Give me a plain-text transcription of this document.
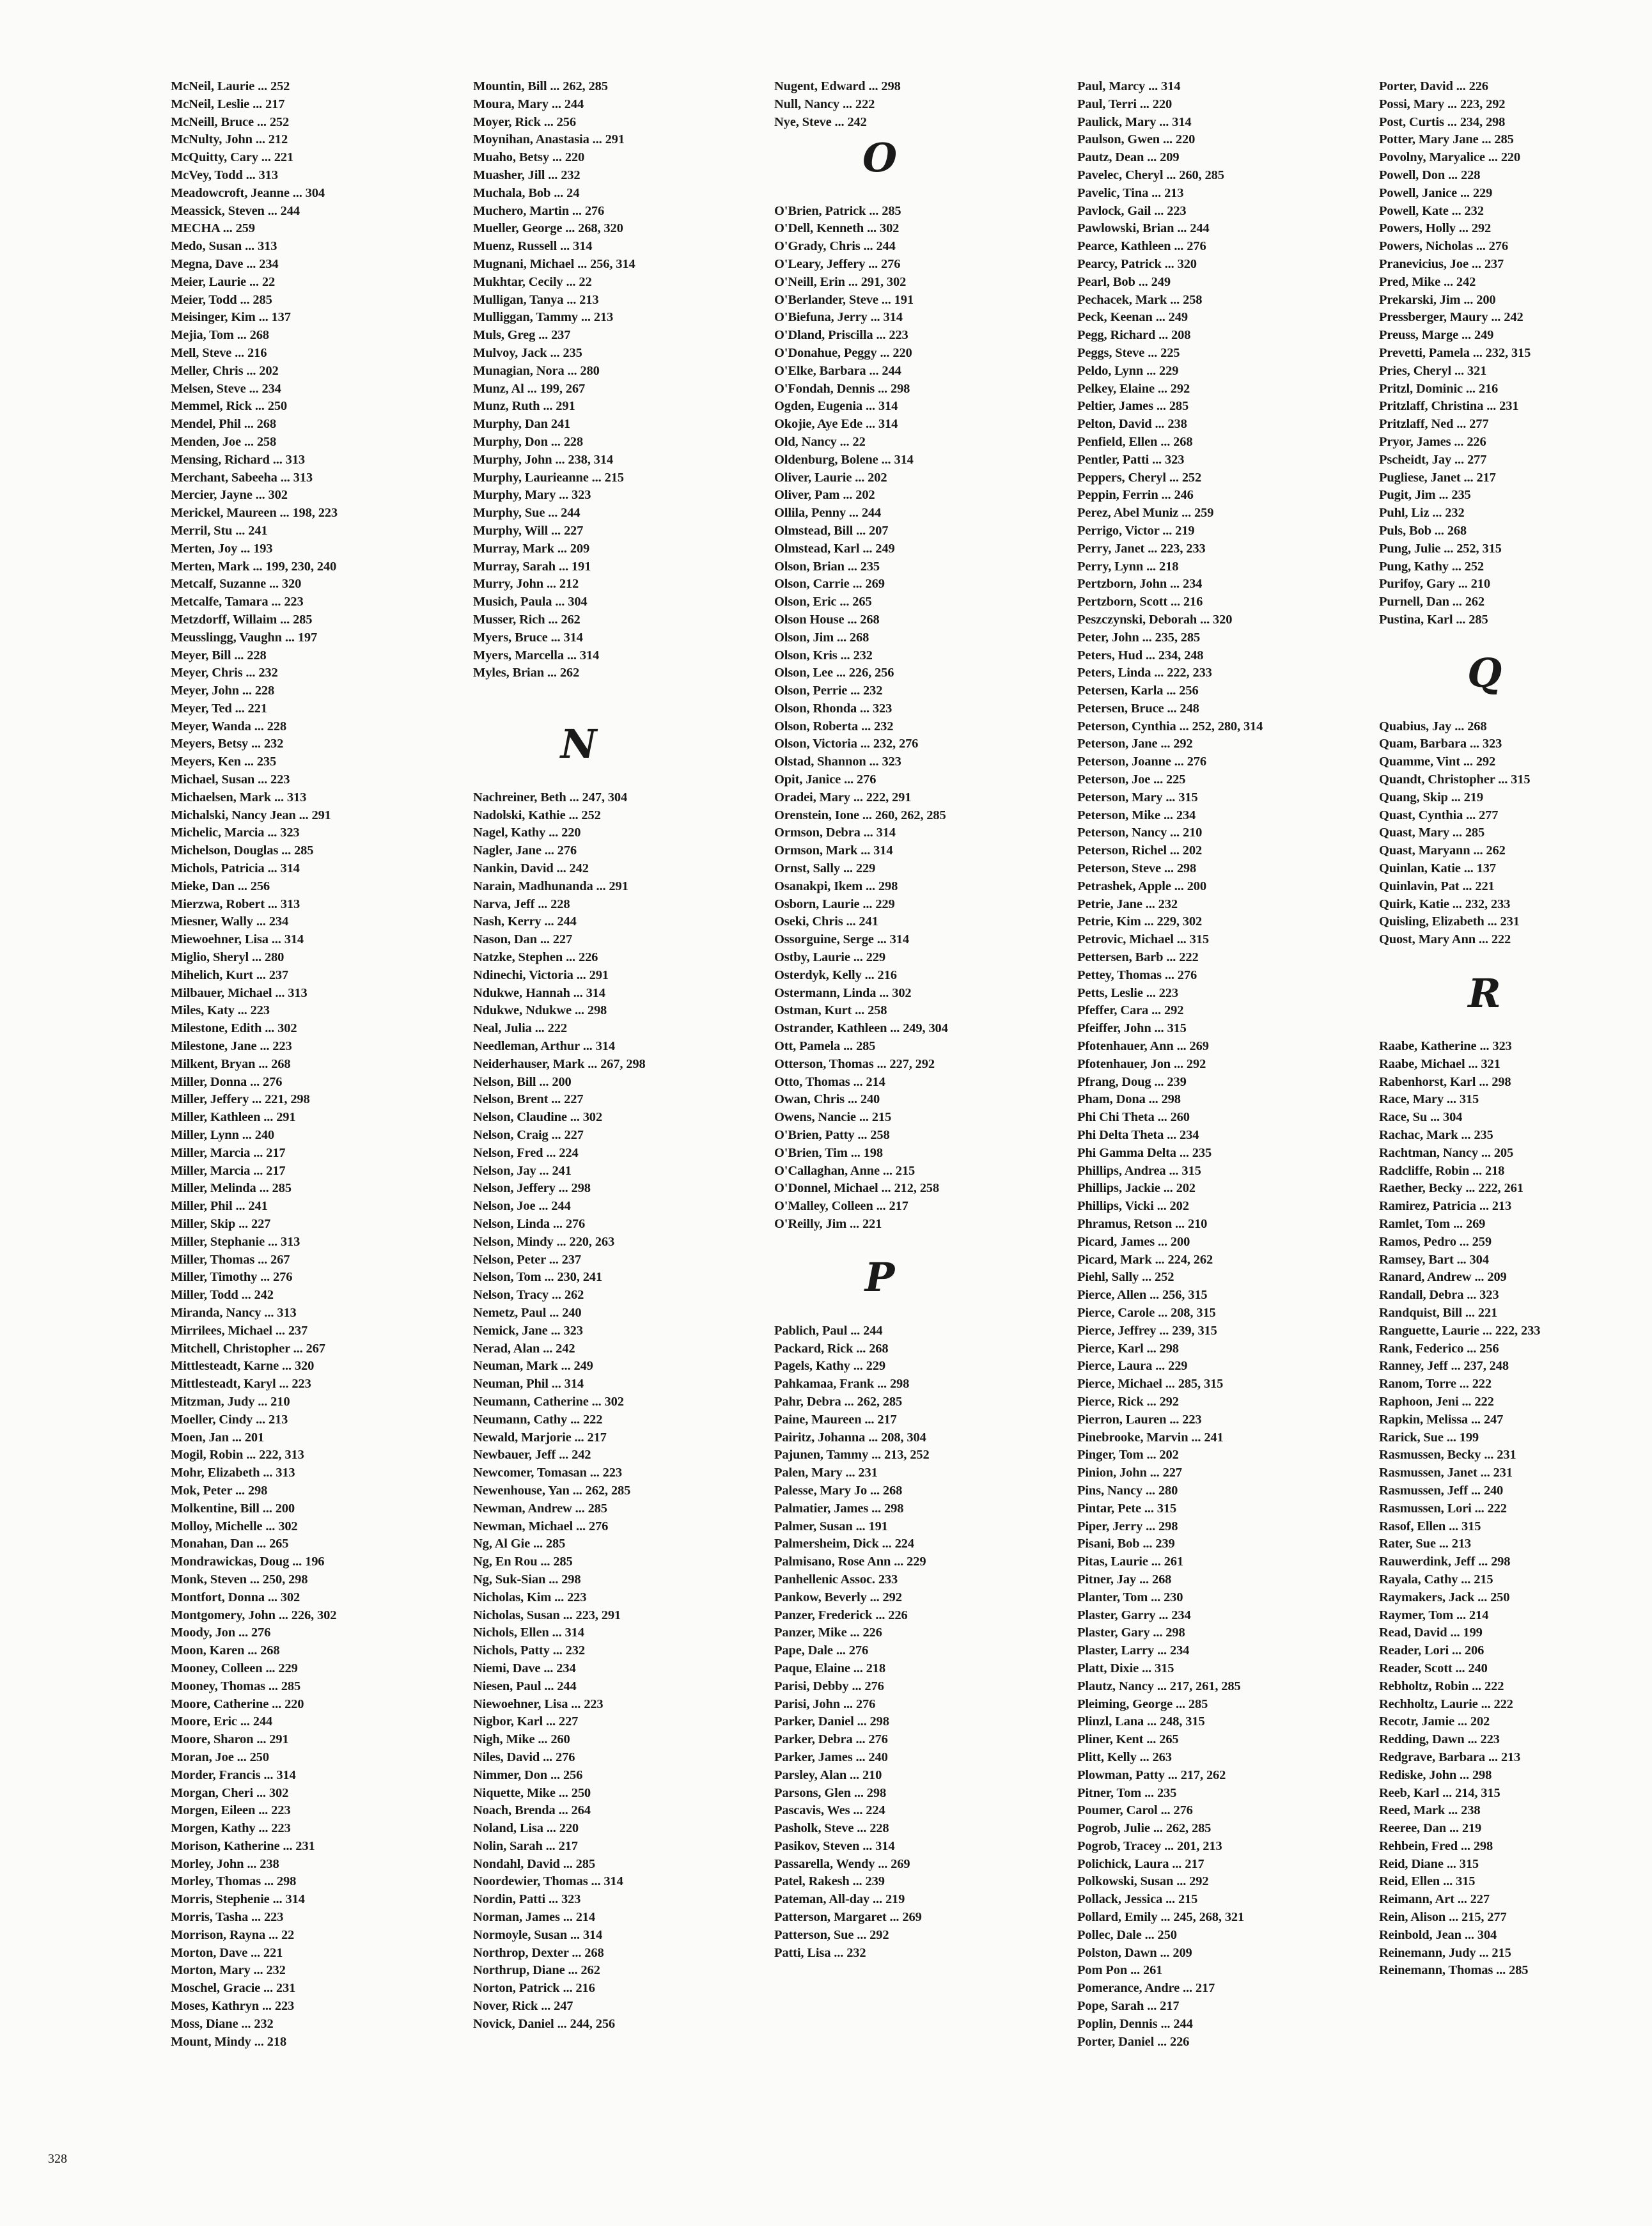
McNeil, Laurie ... 252
McNeil, Leslie ... 217
McNeill, Bruce ... 252
McNulty, John ... 212
McQuitty, Cary ... 221
McVey, Todd ... 313
Meadowcroft, Jeanne ... 304
Meassick, Steven ... 244
MECHA ... 259
Medo, Susan ... 313
Megna, Dave ... 234
Meier, Laurie ... 22
Meier, Todd ... 285
Meisinger, Kim ... 137
Mejia, Tom ... 268
Mell, Steve ... 216
Meller, Chris ... 202
Melsen, Steve ... 234
Memmel, Rick ... 250
Mendel, Phil ... 268
Menden, Joe ... 258
Mensing, Richard ... 313
Merchant, Sabeeha ... 313
Mercier, Jayne ... 302
Merickel, Maureen ... 198, 223
Merril, Stu ... 241
Merten, Joy ... 193
Merten, Mark ... 199, 230, 240
Metcalf, Suzanne ... 320
Metcalfe, Tamara ... 223
Metzdorff, Willaim ... 285
Meusslingg, Vaughn ... 197
Meyer, Bill ... 228
Meyer, Chris ... 232
Meyer, John ... 228
Meyer, Ted ... 221
Meyer, Wanda ... 228
Meyers, Betsy ... 232
Meyers, Ken ... 235
Michael, Susan ... 223
Michaelsen, Mark ... 313
Michalski, Nancy Jean ... 291
Michelic, Marcia ... 323
Michelson, Douglas ... 285
Michols, Patricia ... 314
Mieke, Dan ... 256
Mierzwa, Robert ... 313
Miesner, Wally ... 234
Miewoehner, Lisa ... 314
Miglio, Sheryl ... 280
Mihelich, Kurt ... 237
Milbauer, Michael ... 313
Miles, Katy ... 223
Milestone, Edith ... 302
Milestone, Jane ... 223
Milkent, Bryan ... 268
Miller, Donna ... 276
Miller, Jeffery ... 221, 298
Miller, Kathleen ... 291
Miller, Lynn ... 240
Miller, Marcia ... 217
Miller, Marcia ... 217
Miller, Melinda ... 285
Miller, Phil ... 241
Miller, Skip ... 227
Miller, Stephanie ... 313
Miller, Thomas ... 267
Miller, Timothy ... 276
Miller, Todd ... 242
Miranda, Nancy ... 313
Mirrilees, Michael ... 237
Mitchell, Christopher ... 267
Mittlesteadt, Karne ... 320
Mittlesteadt, Karyl ... 223
Mitzman, Judy ... 210
Moeller, Cindy ... 213
Moen, Jan ... 201
Mogil, Robin ... 222, 313
Mohr, Elizabeth ... 313
Mok, Peter ... 298
Molkentine, Bill ... 200
Molloy, Michelle ... 302
Monahan, Dan ... 265
Mondrawickas, Doug ... 196
Monk, Steven ... 250, 298
Montfort, Donna ... 302
Montgomery, John ... 226, 302
Moody, Jon ... 276
Moon, Karen ... 268
Mooney, Colleen ... 229
Mooney, Thomas ... 285
Moore, Catherine ... 220
Moore, Eric ... 244
Moore, Sharon ... 291
Moran, Joe ... 250
Morder, Francis ... 314
Morgan, Cheri ... 302
Morgen, Eileen ... 223
Morgen, Kathy ... 223
Morison, Katherine ... 231
Morley, John ... 238
Morley, Thomas ... 298
Morris, Stephenie ... 314
Morris, Tasha ... 223
Morrison, Rayna ... 22
Morton, Dave ... 221
Morton, Mary ... 232
Moschel, Gracie ... 231
Moses, Kathryn ... 223
Moss, Diane ... 232
Mount, Mindy ... 218
Mountin, Bill ... 262, 285
Moura, Mary ... 244
Moyer, Rick ... 256
Moynihan, Anastasia ... 291
Muaho, Betsy ... 220
Muasher, Jill ... 232
Muchala, Bob ... 24
Muchero, Martin ... 276
Mueller, George ... 268, 320
Muenz, Russell ... 314
Mugnani, Michael ... 256, 314
Mukhtar, Cecily ... 22
Mulligan, Tanya ... 213
Mulliggan, Tammy ... 213
Muls, Greg ... 237
Mulvoy, Jack ... 235
Munagian, Nora ... 280
Munz, Al ... 199, 267
Munz, Ruth ... 291
Murphy, Dan 241
Murphy, Don ... 228
Murphy, John ... 238, 314
Murphy, Laurieanne ... 215
Murphy, Mary ... 323
Murphy, Sue ... 244
Murphy, Will ... 227
Murray, Mark ... 209
Murray, Sarah ... 191
Murry, John ... 212
Musich, Paula ... 304
Musser, Rich ... 262
Myers, Bruce ... 314
Myers, Marcella ... 314
Myles, Brian ... 262
N
Nachreiner, Beth ... 247, 304
Nadolski, Kathie ... 252
Nagel, Kathy ... 220
Nagler, Jane ... 276
Nankin, David ... 242
Narain, Madhunanda ... 291
Narva, Jeff ... 228
Nash, Kerry ... 244
Nason, Dan ... 227
Natzke, Stephen ... 226
Ndinechi, Victoria ... 291
Ndukwe, Hannah ... 314
Ndukwe, Ndukwe ... 298
Neal, Julia ... 222
Needleman, Arthur ... 314
Neiderhauser, Mark ... 267, 298
Nelson, Bill ... 200
Nelson, Brent ... 227
Nelson, Claudine ... 302
Nelson, Craig ... 227
Nelson, Fred ... 224
Nelson, Jay ... 241
Nelson, Jeffery ... 298
Nelson, Joe ... 244
Nelson, Linda ... 276
Nelson, Mindy ... 220, 263
Nelson, Peter ... 237
Nelson, Tom ... 230, 241
Nelson, Tracy ... 262
Nemetz, Paul ... 240
Nemick, Jane ... 323
Nerad, Alan ... 242
Neuman, Mark ... 249
Neuman, Phil ... 314
Neumann, Catherine ... 302
Neumann, Cathy ... 222
Newald, Marjorie ... 217
Newbauer, Jeff ... 242
Newcomer, Tomasan ... 223
Newenhouse, Yan ... 262, 285
Newman, Andrew ... 285
Newman, Michael ... 276
Ng, Al Gie ... 285
Ng, En Rou ... 285
Ng, Suk-Sian ... 298
Nicholas, Kim ... 223
Nicholas, Susan ... 223, 291
Nichols, Ellen ... 314
Nichols, Patty ... 232
Niemi, Dave ... 234
Niesen, Paul ... 244
Niewoehner, Lisa ... 223
Nigbor, Karl ... 227
Nigh, Mike ... 260
Niles, David ... 276
Nimmer, Don ... 256
Niquette, Mike ... 250
Noach, Brenda ... 264
Noland, Lisa ... 220
Nolin, Sarah ... 217
Nondahl, David ... 285
Noordewier, Thomas ... 314
Nordin, Patti ... 323
Norman, James ... 214
Normoyle, Susan ... 314
Northrop, Dexter ... 268
Northrup, Diane ... 262
Norton, Patrick ... 216
Nover, Rick ... 247
Novick, Daniel ... 244, 256
Nugent, Edward ... 298
Null, Nancy ... 222
Nye, Steve ... 242
O
O'Brien, Patrick ... 285
O'Dell, Kenneth ... 302
O'Grady, Chris ... 244
O'Leary, Jeffery ... 276
O'Neill, Erin ... 291, 302
O'Berlander, Steve ... 191
O'Biefuna, Jerry ... 314
O'Dland, Priscilla ... 223
O'Donahue, Peggy ... 220
O'Elke, Barbara ... 244
O'Fondah, Dennis ... 298
Ogden, Eugenia ... 314
Okojie, Aye Ede ... 314
Old, Nancy ... 22
Oldenburg, Bolene ... 314
Oliver, Laurie ... 202
Oliver, Pam ... 202
Ollila, Penny ... 244
Olmstead, Bill ... 207
Olmstead, Karl ... 249
Olson, Brian ... 235
Olson, Carrie ... 269
Olson, Eric ... 265
Olson House ... 268
Olson, Jim ... 268
Olson, Kris ... 232
Olson, Lee ... 226, 256
Olson, Perrie ... 232
Olson, Rhonda ... 323
Olson, Roberta ... 232
Olson, Victoria ... 232, 276
Olstad, Shannon ... 323
Opit, Janice ... 276
Oradei, Mary ... 222, 291
Orenstein, Ione ... 260, 262, 285
Ormson, Debra ... 314
Ormson, Mark ... 314
Ornst, Sally ... 229
Osanakpi, Ikem ... 298
Osborn, Laurie ... 229
Oseki, Chris ... 241
Ossorguine, Serge ... 314
Ostby, Laurie ... 229
Osterdyk, Kelly ... 216
Ostermann, Linda ... 302
Ostman, Kurt ... 258
Ostrander, Kathleen ... 249, 304
Ott, Pamela ... 285
Otterson, Thomas ... 227, 292
Otto, Thomas ... 214
Owan, Chris ... 240
Owens, Nancie ... 215
O'Brien, Patty ... 258
O'Brien, Tim ... 198
O'Callaghan, Anne ... 215
O'Donnel, Michael ... 212, 258
O'Malley, Colleen ... 217
O'Reilly, Jim ... 221
P
Pablich, Paul ... 244
Packard, Rick ... 268
Pagels, Kathy ... 229
Pahkamaa, Frank ... 298
Pahr, Debra ... 262, 285
Paine, Maureen ... 217
Pairitz, Johanna ... 208, 304
Pajunen, Tammy ... 213, 252
Palen, Mary ... 231
Palesse, Mary Jo ... 268
Palmatier, James ... 298
Palmer, Susan ... 191
Palmersheim, Dick ... 224
Palmisano, Rose Ann ... 229
Panhellenic Assoc. 233
Pankow, Beverly ... 292
Panzer, Frederick ... 226
Panzer, Mike ... 226
Pape, Dale ... 276
Paque, Elaine ... 218
Parisi, Debby ... 276
Parisi, John ... 276
Parker, Daniel ... 298
Parker, Debra ... 276
Parker, James ... 240
Parsley, Alan ... 210
Parsons, Glen ... 298
Pascavis, Wes ... 224
Pasholk, Steve ... 228
Pasikov, Steven ... 314
Passarella, Wendy ... 269
Patel, Rakesh ... 239
Pateman, All-day ... 219
Patterson, Margaret ... 269
Patterson, Sue ... 292
Patti, Lisa ... 232
Paul, Marcy ... 314
Paul, Terri ... 220
Paulick, Mary ... 314
Paulson, Gwen ... 220
Pautz, Dean ... 209
Pavelec, Cheryl ... 260, 285
Pavelic, Tina ... 213
Pavlock, Gail ... 223
Pawlowski, Brian ... 244
Pearce, Kathleen ... 276
Pearcy, Patrick ... 320
Pearl, Bob ... 249
Pechacek, Mark ... 258
Peck, Keenan ... 249
Pegg, Richard ... 208
Peggs, Steve ... 225
Peldo, Lynn ... 229
Pelkey, Elaine ... 292
Peltier, James ... 285
Pelton, David ... 238
Penfield, Ellen ... 268
Pentler, Patti ... 323
Peppers, Cheryl ... 252
Peppin, Ferrin ... 246
Perez, Abel Muniz ... 259
Perrigo, Victor ... 219
Perry, Janet ... 223, 233
Perry, Lynn ... 218
Pertzborn, John ... 234
Pertzborn, Scott ... 216
Peszczynski, Deborah ... 320
Peter, John ... 235, 285
Peters, Hud ... 234, 248
Peters, Linda ... 222, 233
Petersen, Karla ... 256
Petersen, Bruce ... 248
Peterson, Cynthia ... 252, 280, 314
Peterson, Jane ... 292
Peterson, Joanne ... 276
Peterson, Joe ... 225
Peterson, Mary ... 315
Peterson, Mike ... 234
Peterson, Nancy ... 210
Peterson, Richel ... 202
Peterson, Steve ... 298
Petrashek, Apple ... 200
Petrie, Jane ... 232
Petrie, Kim ... 229, 302
Petrovic, Michael ... 315
Pettersen, Barb ... 222
Pettey, Thomas ... 276
Petts, Leslie ... 223
Pfeffer, Cara ... 292
Pfeiffer, John ... 315
Pfotenhauer, Ann ... 269
Pfotenhauer, Jon ... 292
Pfrang, Doug ... 239
Pham, Dona ... 298
Phi Chi Theta ... 260
Phi Delta Theta ... 234
Phi Gamma Delta ... 235
Phillips, Andrea ... 315
Phillips, Jackie ... 202
Phillips, Vicki ... 202
Phramus, Retson ... 210
Picard, James ... 200
Picard, Mark ... 224, 262
Piehl, Sally ... 252
Pierce, Allen ... 256, 315
Pierce, Carole ... 208, 315
Pierce, Jeffrey ... 239, 315
Pierce, Karl ... 298
Pierce, Laura ... 229
Pierce, Michael ... 285, 315
Pierce, Rick ... 292
Pierron, Lauren ... 223
Pinebrooke, Marvin ... 241
Pinger, Tom ... 202
Pinion, John ... 227
Pins, Nancy ... 280
Pintar, Pete ... 315
Piper, Jerry ... 298
Pisani, Bob ... 239
Pitas, Laurie ... 261
Pitner, Jay ... 268
Planter, Tom ... 230
Plaster, Garry ... 234
Plaster, Gary ... 298
Plaster, Larry ... 234
Platt, Dixie ... 315
Plautz, Nancy ... 217, 261, 285
Pleiming, George ... 285
Plinzl, Lana ... 248, 315
Pliner, Kent ... 265
Plitt, Kelly ... 263
Plowman, Patty ... 217, 262
Pitner, Tom ... 235
Poumer, Carol ... 276
Pogrob, Julie ... 262, 285
Pogrob, Tracey ... 201, 213
Polichick, Laura ... 217
Polkowski, Susan ... 292
Pollack, Jessica ... 215
Pollard, Emily ... 245, 268, 321
Pollec, Dale ... 250
Polston, Dawn ... 209
Pom Pon ... 261
Pomerance, Andre ... 217
Pope, Sarah ... 217
Poplin, Dennis ... 244
Porter, Daniel ... 226
Porter, David ... 226
Possi, Mary ... 223, 292
Post, Curtis ... 234, 298
Potter, Mary Jane ... 285
Povolny, Maryalice ... 220
Powell, Don ... 228
Powell, Janice ... 229
Powell, Kate ... 232
Powers, Holly ... 292
Powers, Nicholas ... 276
Pranevicius, Joe ... 237
Pred, Mike ... 242
Prekarski, Jim ... 200
Pressberger, Maury ... 242
Preuss, Marge ... 249
Prevetti, Pamela ... 232, 315
Pries, Cheryl ... 321
Pritzl, Dominic ... 216
Pritzlaff, Christina ... 231
Pritzlaff, Ned ... 277
Pryor, James ... 226
Pscheidt, Jay ... 277
Pugliese, Janet ... 217
Pugit, Jim ... 235
Puhl, Liz ... 232
Puls, Bob ... 268
Pung, Julie ... 252, 315
Pung, Kathy ... 252
Purifoy, Gary ... 210
Purnell, Dan ... 262
Pustina, Karl ... 285
Q
Quabius, Jay ... 268
Quam, Barbara ... 323
Quamme, Vint ... 292
Quandt, Christopher ... 315
Quang, Skip ... 219
Quast, Cynthia ... 277
Quast, Mary ... 285
Quast, Maryann ... 262
Quinlan, Katie ... 137
Quinlavin, Pat ... 221
Quirk, Katie ... 232, 233
Quisling, Elizabeth ... 231
Quost, Mary Ann ... 222
R
Raabe, Katherine ... 323
Raabe, Michael ... 321
Rabenhorst, Karl ... 298
Race, Mary ... 315
Race, Su ... 304
Rachac, Mark ... 235
Rachtman, Nancy ... 205
Radcliffe, Robin ... 218
Raether, Becky ... 222, 261
Ramirez, Patricia ... 213
Ramlet, Tom ... 269
Ramos, Pedro ... 259
Ramsey, Bart ... 304
Ranard, Andrew ... 209
Randall, Debra ... 323
Randquist, Bill ... 221
Ranguette, Laurie ... 222, 233
Rank, Federico ... 256
Ranney, Jeff ... 237, 248
Ranom, Torre ... 222
Raphoon, Jeni ... 222
Rapkin, Melissa ... 247
Rarick, Sue ... 199
Rasmussen, Becky ... 231
Rasmussen, Janet ... 231
Rasmussen, Jeff ... 240
Rasmussen, Lori ... 222
Rasof, Ellen ... 315
Rater, Sue ... 213
Rauwerdink, Jeff ... 298
Rayala, Cathy ... 215
Raymakers, Jack ... 250
Raymer, Tom ... 214
Read, David ... 199
Reader, Lori ... 206
Reader, Scott ... 240
Rebholtz, Robin ... 222
Rechholtz, Laurie ... 222
Recotr, Jamie ... 202
Redding, Dawn ... 223
Redgrave, Barbara ... 213
Rediske, John ... 298
Reeb, Karl ... 214, 315
Reed, Mark ... 238
Reeree, Dan ... 219
Rehbein, Fred ... 298
Reid, Diane ... 315
Reid, Ellen ... 315
Reimann, Art ... 227
Rein, Alison ... 215, 277
Reinbold, Jean ... 304
Reinemann, Judy ... 215
Reinemann, Thomas ... 285
328
